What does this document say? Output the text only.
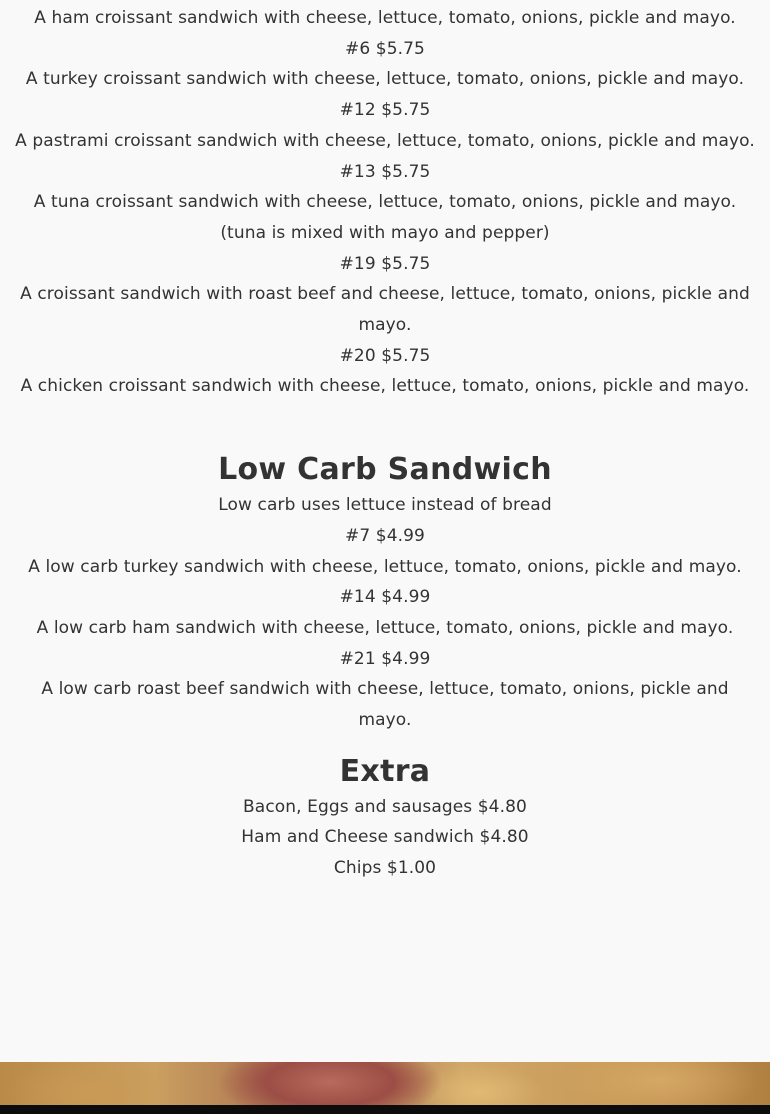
A ham croissant sandwich with cheese, lettuce, tomato, onions, pickle and mayo.
#6 $5.75
A turkey croissant sandwich with cheese, lettuce, tomato, onions, pickle and mayo.
#12 $5.75
A pastrami croissant sandwich with cheese, lettuce, tomato, onions, pickle and mayo.
#13 $5.75
A tuna croissant sandwich with cheese, lettuce, tomato, onions, pickle and mayo.
(tuna is mixed with mayo and pepper)
#19 $5.75
A croissant sandwich with roast beef and cheese, lettuce, tomato, onions, pickle and mayo.
#20 $5.75
A chicken croissant sandwich with cheese, lettuce, tomato, onions, pickle and mayo.
Low Carb Sandwich
Low carb uses lettuce instead of bread
#7 $4.99
A low carb turkey sandwich with cheese, lettuce, tomato, onions, pickle and mayo.
#14 $4.99
A low carb ham sandwich with cheese, lettuce, tomato, onions, pickle and mayo.
#21 $4.99
A low carb roast beef sandwich with cheese, lettuce, tomato, onions, pickle and mayo.
Extra
Bacon, Eggs and sausages $4.80
Ham and Cheese sandwich $4.80
Chips $1.00
